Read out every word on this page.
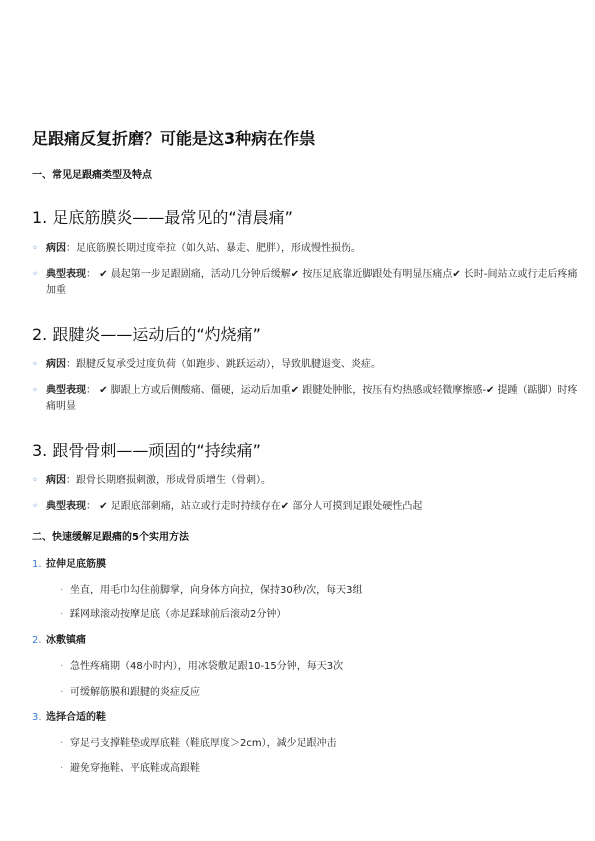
足跟痛反复折磨？可能是这3种病在作祟
一、常见足跟痛类型及特点
1. 足底筋膜炎——最常见的“清晨痛”
◦ 病因：足底筋膜长期过度牵拉（如久站、暴走、肥胖），形成慢性损伤。
◦ 典型表现： ✔ 晨起第一步足跟剧痛，活动几分钟后缓解✔ 按压足底靠近脚跟处有明显压痛点✔ 长时-间站立或行走后疼痛加重
2. 跟腱炎——运动后的“灼烧痛”
◦ 病因：跟腱反复承受过度负荷（如跑步、跳跃运动），导致肌腱退变、炎症。
◦ 典型表现： ✔ 脚跟上方或后侧酸痛、僵硬，运动后加重✔ 跟腱处肿胀，按压有灼热感或轻微摩擦感-✔ 提踵（踮脚）时疼痛明显
3. 跟骨骨刺——顽固的“持续痛”
◦ 病因：跟骨长期磨损刺激，形成骨质增生（骨刺）。
◦ 典型表现： ✔ 足跟底部刺痛，站立或行走时持续存在✔ 部分人可摸到足跟处硬性凸起
二、快速缓解足跟痛的5个实用方法
1. 拉伸足底筋膜
· 坐直，用毛巾勾住前脚掌，向身体方向拉，保持30秒/次，每天3组
· 踩网球滚动按摩足底（赤足踩球前后滚动2分钟）
2. 冰敷镇痛
· 急性疼痛期（48小时内），用冰袋敷足跟10-15分钟，每天3次
· 可缓解筋膜和跟腱的炎症反应
3. 选择合适的鞋
· 穿足弓支撑鞋垫或厚底鞋（鞋底厚度＞2cm），减少足跟冲击
· 避免穿拖鞋、平底鞋或高跟鞋
